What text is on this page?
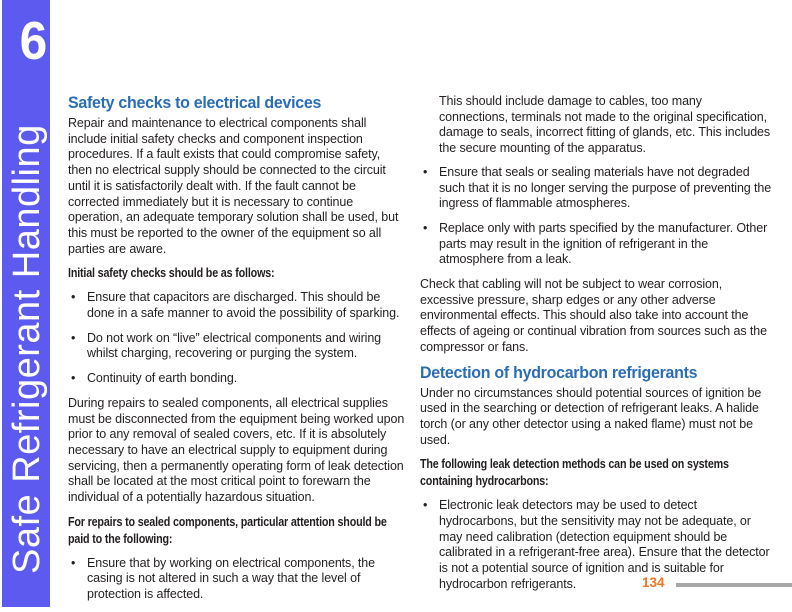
6
Safe Refrigerant Handling
Safety checks to electrical devices

Repair and maintenance to electrical components shall include initial safety checks and component inspection procedures. If a fault exists that could compromise safety, then no electrical supply should be connected to the circuit until it is satisfactorily dealt with. If the fault cannot be corrected immediately but it is necessary to continue operation, an adequate temporary solution shall be used, but this must be reported to the owner of the equipment so all parties are aware.

Initial safety checks should be as follows:

• Ensure that capacitors are discharged. This should be done in a safe manner to avoid the possibility of sparking.
• Do not work on “live” electrical components and wiring whilst charging, recovering or purging the system.
• Continuity of earth bonding.

During repairs to sealed components, all electrical supplies must be disconnected from the equipment being worked upon prior to any removal of sealed covers, etc. If it is absolutely necessary to have an electrical supply to equipment during servicing, then a permanently operating form of leak detection shall be located at the most critical point to forewarn the individual of a potentially hazardous situation.

For repairs to sealed components, particular attention should be paid to the following:

• Ensure that by working on electrical components, the casing is not altered in such a way that the level of protection is affected.

This should include damage to cables, too many connections, terminals not made to the original specification, damage to seals, incorrect fitting of glands, etc. This includes the secure mounting of the apparatus.

• Ensure that seals or sealing materials have not degraded such that it is no longer serving the purpose of preventing the ingress of flammable atmospheres.
• Replace only with parts specified by the manufacturer. Other parts may result in the ignition of refrigerant in the atmosphere from a leak.

Check that cabling will not be subject to wear corrosion, excessive pressure, sharp edges or any other adverse environmental effects. This should also take into account the effects of ageing or continual vibration from sources such as the compressor or fans.

Detection of hydrocarbon refrigerants

Under no circumstances should potential sources of ignition be used in the searching or detection of refrigerant leaks. A halide torch (or any other detector using a naked flame) must not be used.

The following leak detection methods can be used on systems containing hydrocarbons:

• Electronic leak detectors may be used to detect hydrocarbons, but the sensitivity may not be adequate, or may need calibration (detection equipment should be calibrated in a refrigerant-free area). Ensure that the detector is not a potential source of ignition and is suitable for hydrocarbon refrigerants.	134
